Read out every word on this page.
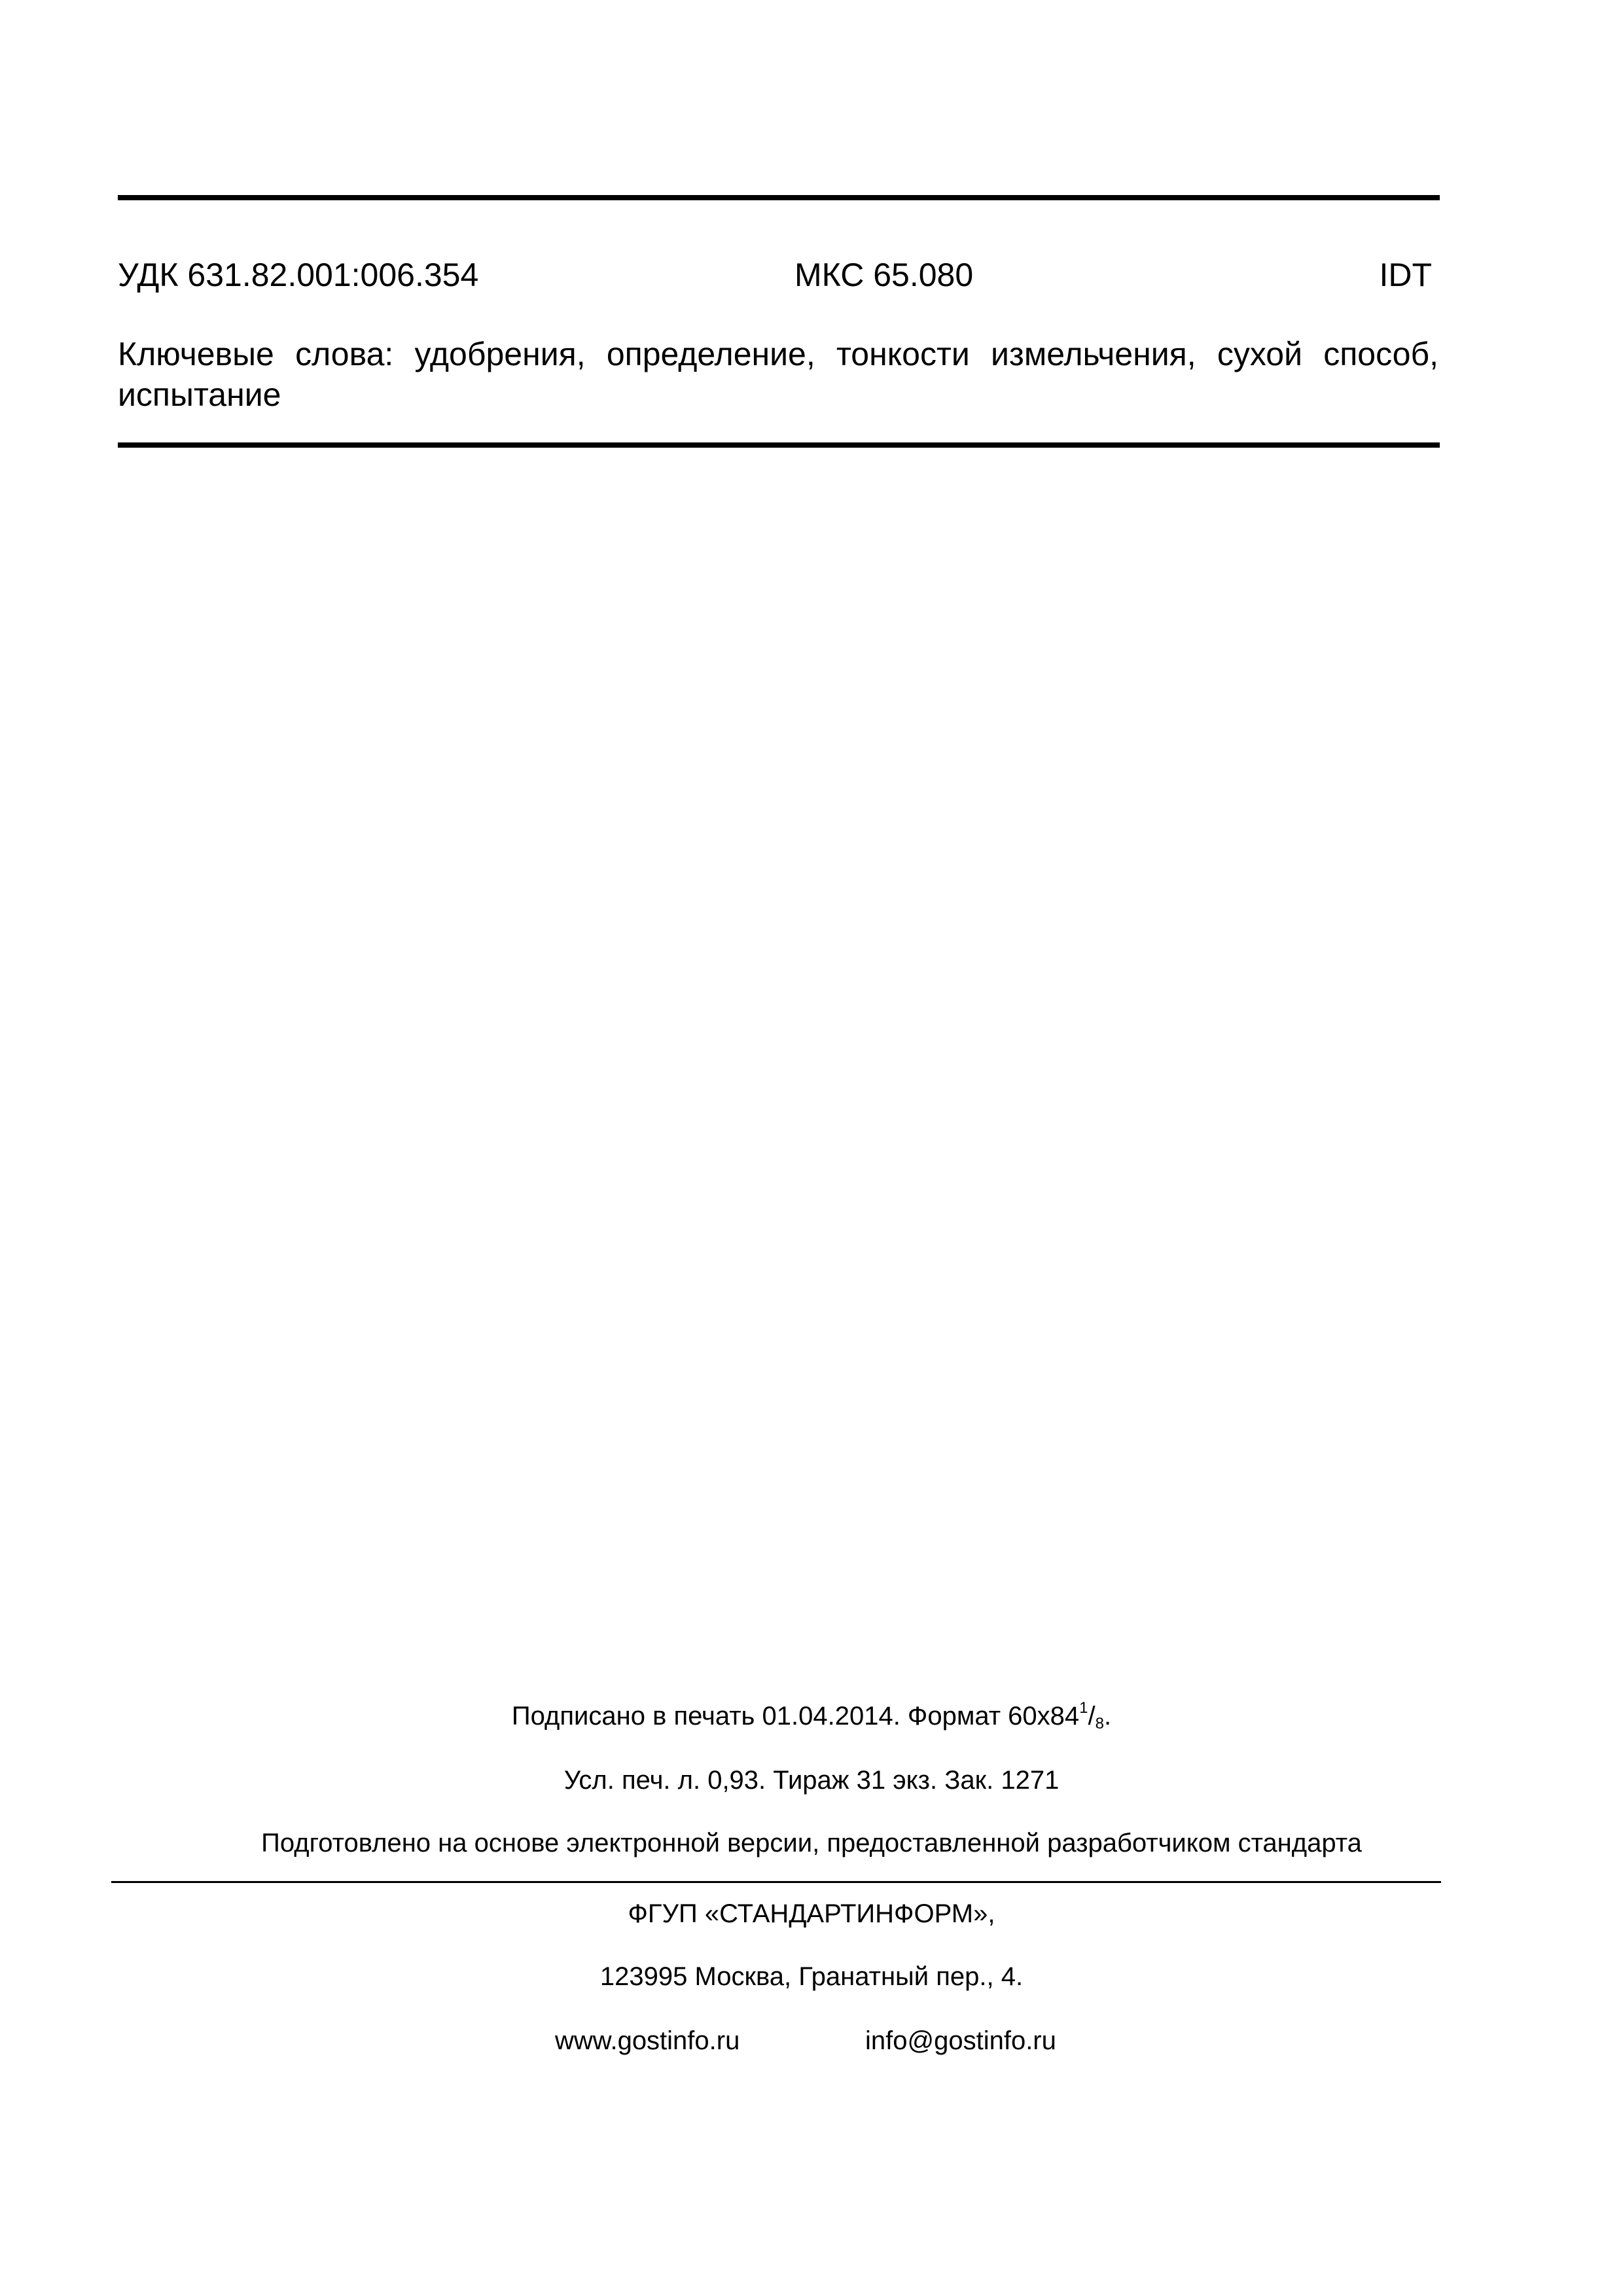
УДК 631.82.001:006.354	МКС 65.080	IDT
Ключевые слова: удобрения, определение, тонкости измельчения, сухой способ,
испытание
Подписано в печать 01.04.2014. Формат $60x84^1/_8$.
Усл. печ. л. 0,93. Тираж 31 экз. Зак. 1271
Подготовлено на основе электронной версии, предоставленной разработчиком стандарта
ФГУП «СТАНДАРТИНФОРМ»,
123995 Москва, Гранатный пер., 4.
www.gostinfo.ru	info@gostinfo.ru
